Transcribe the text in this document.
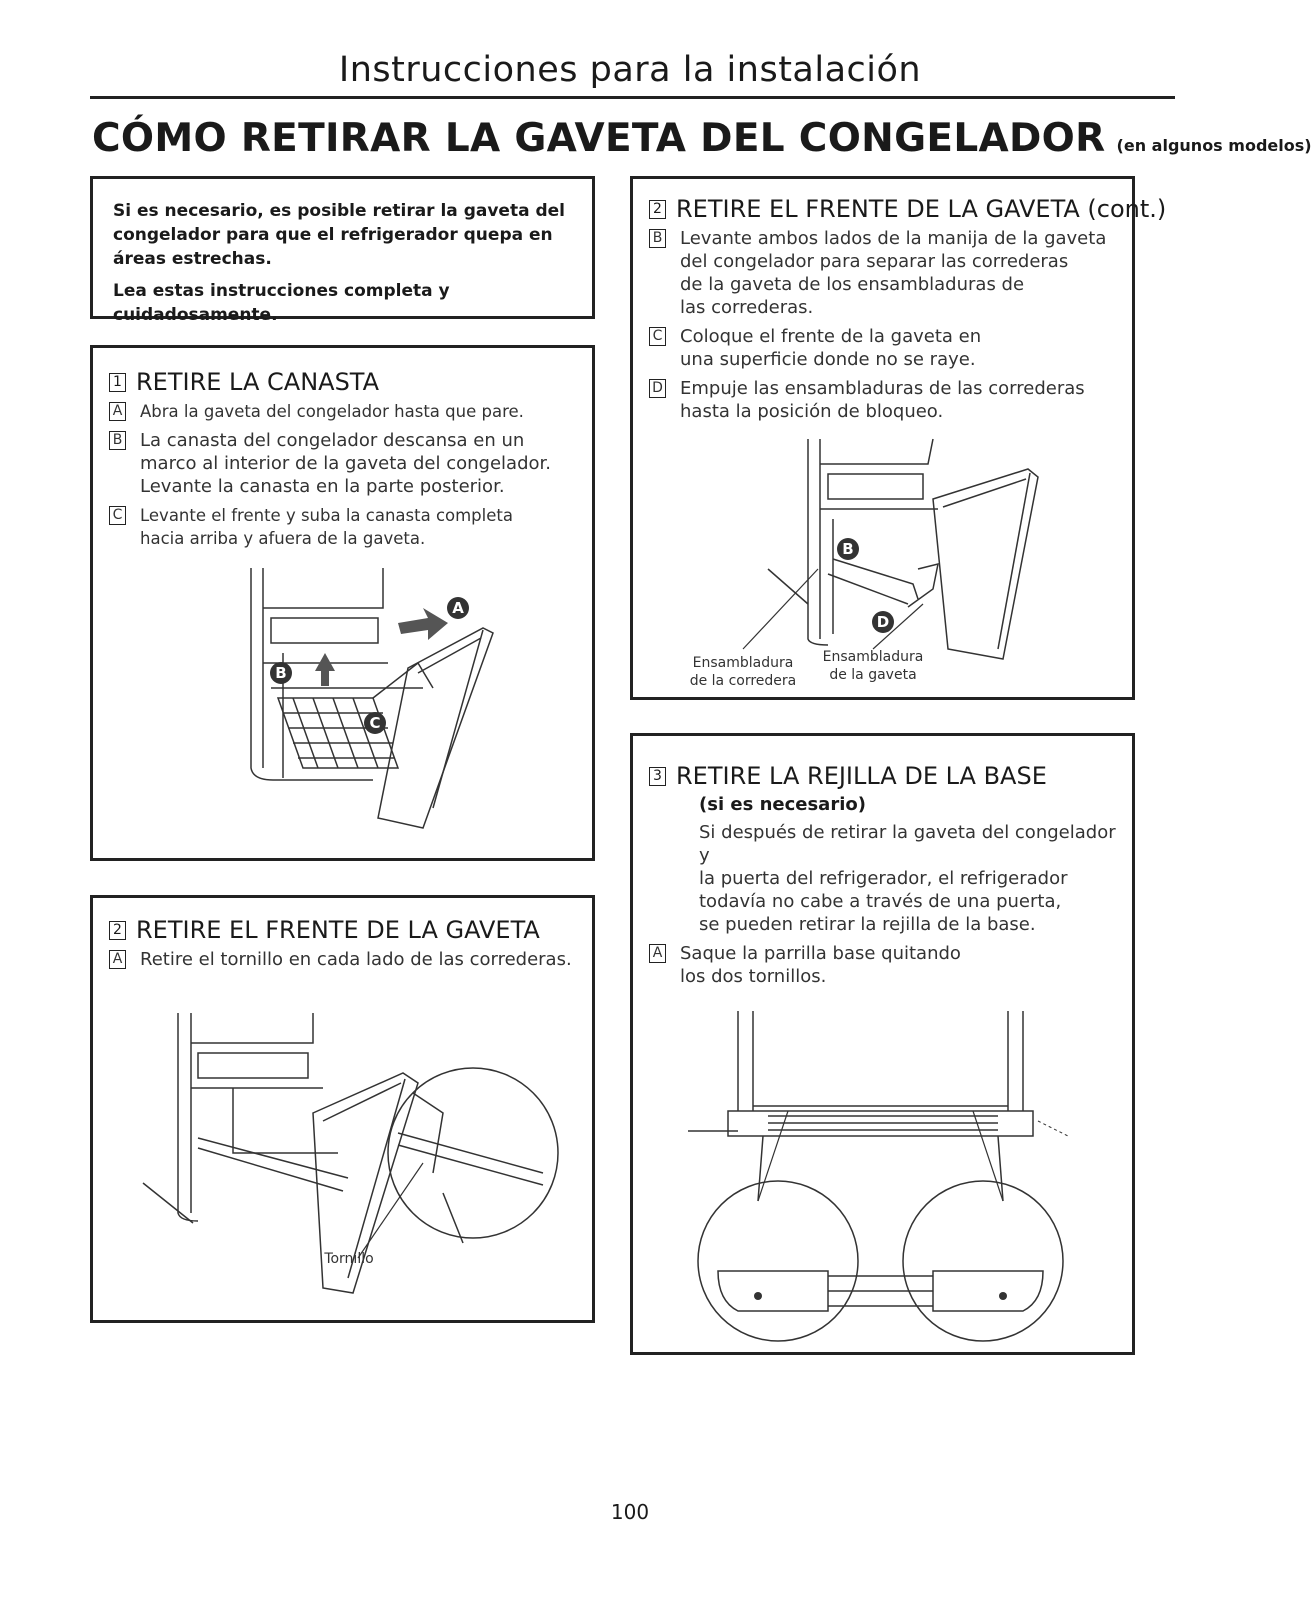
Instrucciones para la instalación
CÓMO RETIRAR LA GAVETA DEL CONGELADOR (en algunos modelos)

Si es necesario, es posible retirar la gaveta del congelador para que el refrigerador quepa en áreas estrechas.

Lea estas instrucciones completa y cuidadosamente.

1 RETIRE LA CANASTA
A Abra la gaveta del congelador hasta que pare.
B La canasta del congelador descansa en un
marco al interior de la gaveta del congelador.
Levante la canasta en la parte posterior.
C Levante el frente y suba la canasta completa
hacia arriba y afuera de la gaveta.
A
B
C
2 RETIRE EL FRENTE DE LA GAVETA
A Retire el tornillo en cada lado de las correderas.
Tornillo
2 RETIRE EL FRENTE DE LA GAVETA (cont.)
B Levante ambos lados de la manija de la gaveta
del congelador para separar las correderas
de la gaveta de los ensambladuras de
las correderas.
C Coloque el frente de la gaveta en
una superficie donde no se raye.
D Empuje las ensambladuras de las correderas
hasta la posición de bloqueo.
B
D
Ensambladura
de la corredera
Ensambladura
de la gaveta
3 RETIRE LA REJILLA DE LA BASE
(si es necesario)
Si después de retirar la gaveta del congelador y
la puerta del refrigerador, el refrigerador
todavía no cabe a través de una puerta,
se pueden retirar la rejilla de la base.
A Saque la parrilla base quitando
los dos tornillos.
100
